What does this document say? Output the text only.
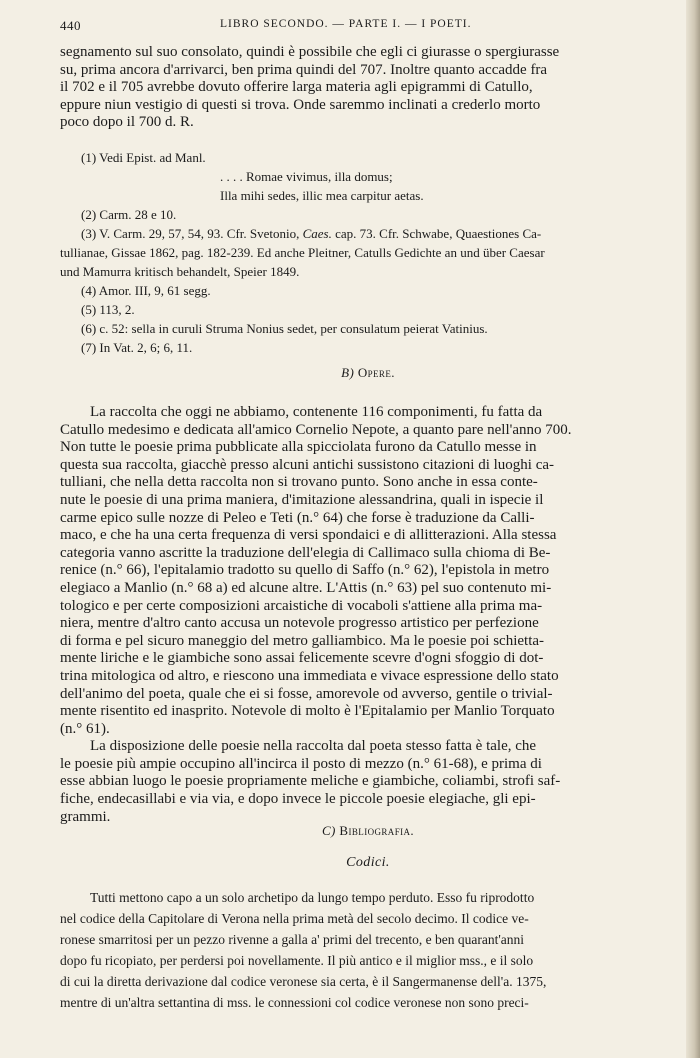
440	LIBRO SECONDO. — PARTE I. — I POETI.
segnamento sul suo consolato, quindi è possibile che egli ci giurasse o spergiurasse
su, prima ancora d'arrivarci, ben prima quindi del 707. Inoltre quanto accadde fra
il 702 e il 705 avrebbe dovuto offerire larga materia agli epigrammi di Catullo,
eppure niun vestigio di questi si trova. Onde saremmo inclinati a crederlo morto
poco dopo il 700 d. R.
(1) Vedi Epist. ad Manl.
. . . . Romae vivimus, illa domus;
Illa mihi sedes, illic mea carpitur aetas.
(2) Carm. 28 e 10.
(3) V. Carm. 29, 57, 54, 93. Cfr. Svetonio, Caes. cap. 73. Cfr. Schwabe, Quaestiones Ca-
tullianae, Gissae 1862, pag. 182-239. Ed anche Pleitner, Catulls Gedichte an und über Caesar
und Mamurra kritisch behandelt, Speier 1849.
(4) Amor. III, 9, 61 segg.
(5) 113, 2.
(6) c. 52: sella in curuli Struma Nonius sedet, per consulatum peierat Vatinius.
(7) In Vat. 2, 6; 6, 11.
B) Opere.
La raccolta che oggi ne abbiamo, contenente 116 componimenti, fu fatta da
Catullo medesimo e dedicata all'amico Cornelio Nepote, a quanto pare nell'anno 700.
Non tutte le poesie prima pubblicate alla spicciolata furono da Catullo messe in
questa sua raccolta, giacchè presso alcuni antichi sussistono citazioni di luoghi ca-
tulliani, che nella detta raccolta non si trovano punto. Sono anche in essa conte-
nute le poesie di una prima maniera, d'imitazione alessandrina, quali in ispecie il
carme epico sulle nozze di Peleo e Teti (n.° 64) che forse è traduzione da Calli-
maco, e che ha una certa frequenza di versi spondaici e di allitterazioni. Alla stessa
categoria vanno ascritte la traduzione dell'elegia di Callimaco sulla chioma di Be-
renice (n.° 66), l'epitalamio tradotto su quello di Saffo (n.° 62), l'epistola in metro
elegiaco a Manlio (n.° 68 a) ed alcune altre. L'Attis (n.° 63) pel suo contenuto mi-
tologico e per certe composizioni arcaistiche di vocaboli s'attiene alla prima ma-
niera, mentre d'altro canto accusa un notevole progresso artistico per perfezione
di forma e pel sicuro maneggio del metro galliambico. Ma le poesie poi schietta-
mente liriche e le giambiche sono assai felicemente scevre d'ogni sfoggio di dot-
trina mitologica od altro, e riescono una immediata e vivace espressione dello stato
dell'animo del poeta, quale che ei si fosse, amorevole od avverso, gentile o trivial-
mente risentito ed inasprito. Notevole di molto è l'Epitalamio per Manlio Torquato
(n.° 61).
La disposizione delle poesie nella raccolta dal poeta stesso fatta è tale, che
le poesie più ampie occupino all'incirca il posto di mezzo (n.° 61-68), e prima di
esse abbian luogo le poesie propriamente meliche e giambiche, coliambi, strofi saf-
fiche, endecasillabi e via via, e dopo invece le piccole poesie elegiache, gli epi-
grammi.
C) Bibliografia.
Codici.
Tutti mettono capo a un solo archetipo da lungo tempo perduto. Esso fu riprodotto
nel codice della Capitolare di Verona nella prima metà del secolo decimo. Il codice ve-
ronese smarritosi per un pezzo rivenne a galla a' primi del trecento, e ben quarant'anni
dopo fu ricopiato, per perdersi poi novellamente. Il più antico e il miglior mss., e il solo
di cui la diretta derivazione dal codice veronese sia certa, è il Sangermanense dell'a. 1375,
mentre di un'altra settantina di mss. le connessioni col codice veronese non sono preci-
